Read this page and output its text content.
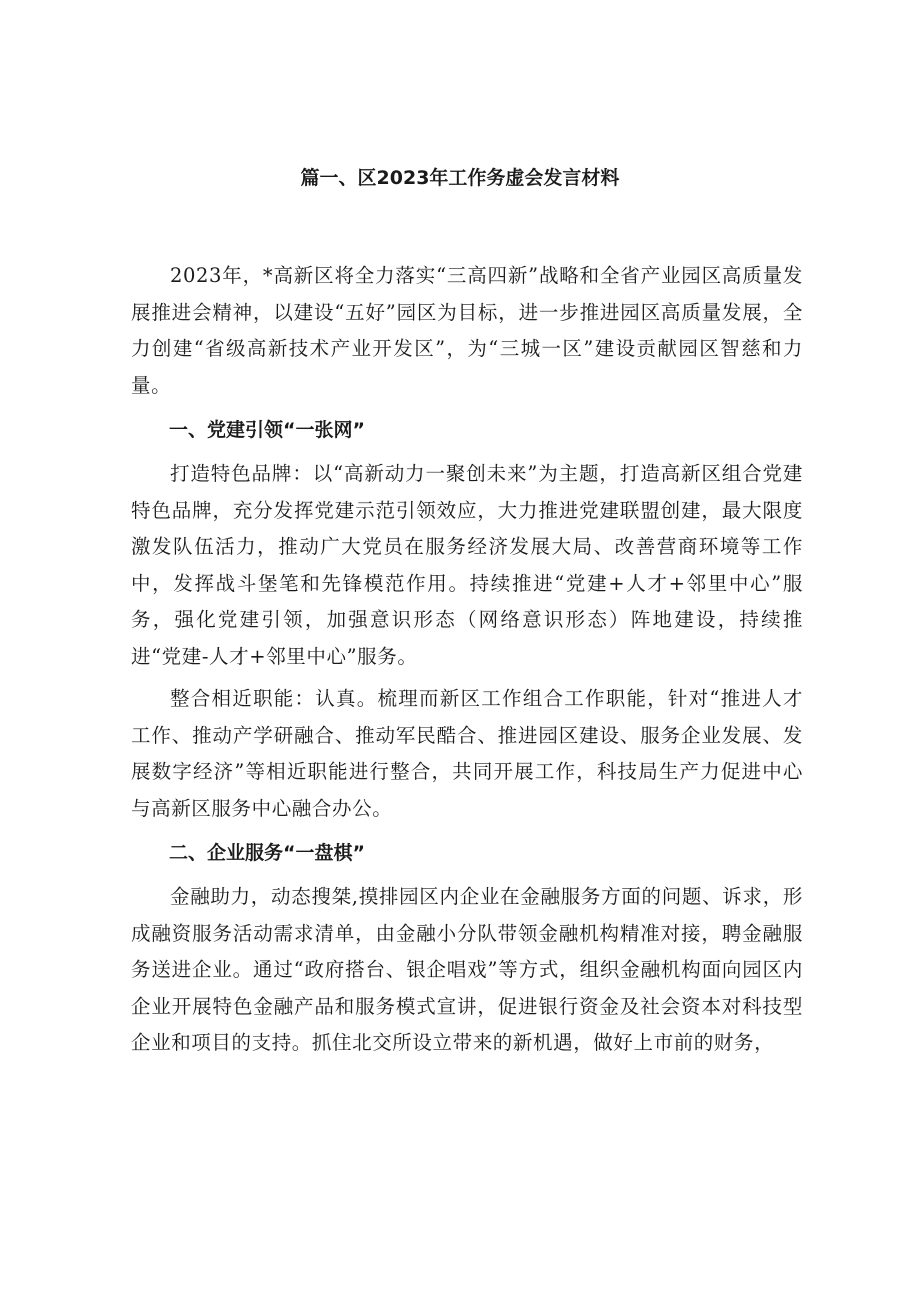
篇一、区2023年工作务虚会发言材料

2023年，*高新区将全力落实“三高四新”战略和全省产业园区高质量发展推进会精神，以建设“五好”园区为目标，进一步推进园区高质量发展，全力创建“省级高新技术产业开发区”，为“三城一区”建设贡献园区智慈和力量。

一、党建引领“一张网”

打造特色品牌：以“高新动力一聚创未来”为主题，打造高新区组合党建特色品牌，充分发挥党建示范引领效应，大力推进党建联盟创建，最大限度激发队伍活力，推动广大党员在服务经济发展大局、改善营商环境等工作中，发挥战斗堡笔和先锋模范作用。持续推进“党建+人才+邻里中心”服务，强化党建引领，加强意识形态（网络意识形态）阵地建设，持续推进“党建-人才+邻里中心”服务。

整合相近职能：认真。梳理而新区工作组合工作职能，针对“推进人才工作、推动产学研融合、推动军民酷合、推进园区建设、服务企业发展、发展数字经济”等相近职能进行整合，共同开展工作，科技局生产力促进中心与高新区服务中心融合办公。

二、企业服务“一盘棋”

金融助力，动态搜桀,摸排园区内企业在金融服务方面的问题、诉求，形成融资服务活动需求清单，由金融小分队带领金融机构精准对接，聘金融服务送进企业。通过“政府搭台、银企唱戏”等方式，组织金融机构面向园区内企业开展特色金融产品和服务模式宣讲，促进银行资金及社会资本对科技型企业和项目的支持。抓住北交所设立带来的新机遇，做好上市前的财务，
